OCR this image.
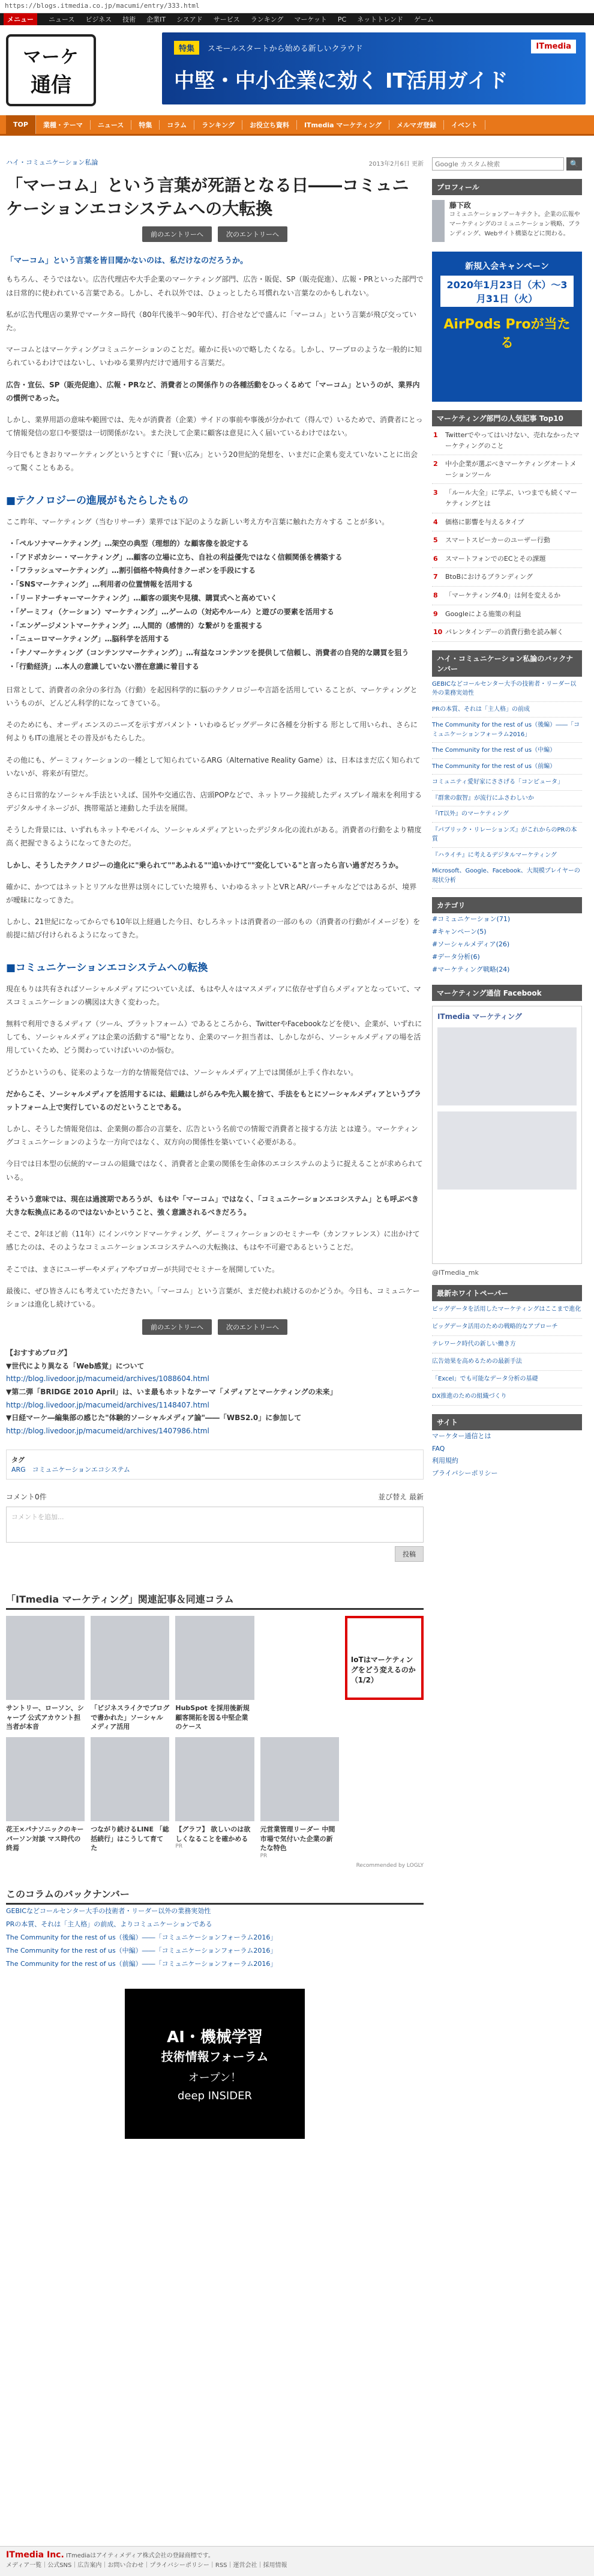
https://blogs.itmedia.co.jp/macumi/entry/333.html
メニュー	ニュース ビジネス 技術 企業IT シスアド サービス ランキング マーケット PC ネットトレンド ゲーム
マーケ
通信
特集 スモールスタートから始める新しいクラウド
中堅・中小企業に効く IT活用ガイド
ITmedia
TOP	業種・テーマ	ニュース	特集	コラム	ランキング	お役立ち資料	ITmedia マーケティング	メルマガ登録	イベント
ハイ・コミュニケーション私論	2013年2月6日 更新
「マーコム」という言葉が死語となる日――コミュニケーションエコシステムへの大転換
前のエントリーへ	次のエントリーへ
「マーコム」という言葉を皆目聞かないのは、私だけなのだろうか。

もちろん、そうではない。広告代理店や大手企業のマーケティング部門、広告・販促、SP（販売促進）、広報・PRといった部門では日常的に使われている言葉である。しかし、それ以外では、ひょっとしたら耳慣れない言葉なのかもしれない。

私が広告代理店の業界でマーケター時代（80年代後半〜90年代）、打合せなどで盛んに「マーコム」という言葉が飛び交っていた。

マーコムとはマーケティングコミュニケーションのことだ。確かに長いので略したくなる。しかし、ワープロのような一般的に知られているわけではないし、いわゆる業界内だけで通用する言葉だ。

広告・宣伝、SP（販売促進）、広報・PRなど、消費者との関係作りの各種活動をひっくるめて「マーコム」というのが、業界内の慣例であった。

しかし、業界用語の意味や範囲では、先々が消費者（企業）サイドの事前や事後が分かれて（得んで）いるためで、消費者にとって情報発信の窓口や要望は一切関係がない。また決して企業に顧客は意見に入く届いているわけではない。

今日でもときおりマーケティングというとすぐに「賢い広み」という20世紀的発想を、いまだに企業も変えていないことに出会って驚くこともある。

■テクノロジーの進展がもたらしたもの

ここ昨年、マーケティング（当むリサーチ）業界では下記のような新しい考え方や言葉に触れた方々する ことが多い。

・「ペルソナマーケティング」…架空の典型（理想的）な顧客像を設定する
・「アドボカシー・マーケティング」…顧客の立場に立ち、自社の利益優先ではなく信頼関係を構築する
・「フラッシュマーケティング」…割引価格や特典付きクーポンを手段にする
・「SNSマーケティング」…利用者の位置情報を活用する
・「リードナーチャーマーケティング」…顧客の頭実や見積、購買式へと高めていく
・「ゲーミフィ（ケーション）マーケティング」…ゲームの（対応やルール）と遊びの要素を活用する
・「エンゲージメントマーケティング」…人間的（感情的）な繋がりを重視する
・「ニューロマーケティング」…脳科学を活用する
・「ナノマーケティング（コンテンツマーケティング）」…有益なコンテンツを提供して信頼し、消費者の自発的な購買を狙う
・「行動経済」…本人の意識していない潜在意識に着目する

日常として、消費者の余分の多行為（行動）を起因科学的に脳のテクノロジーや言語を活用してい ることが、マーケティングというものが、どんどん科学的になってきている。

そのためにも、オーディエンスのニーズを示すガバメント・いわゆるビッグデータに各種を分析する 形として用いられ、さらに何よりもITの進展とその普及がもたらした。

その他にも、ゲーミフィケーションの一種として知られているARG（Alternative Reality Game）は、日本はまだ広く知られていないが、将来が有望だ。

さらに日常的なソーシャル手法といえば、国外や交通広告、店頭POPなどで、ネットワーク接続したディスプレイ端末を利用するデジタルサイネージが、携帯電話と連動した手法を展開。

そうした背景には、いずれもネットやモバイル、ソーシャルメディアといったデジタル化の流れがある。消費者の行動をより精度高く把握できるようになってきたのだ。

しかし、そうしたテクノロジーの進化に"乗られて""あふれる""追いかけて""変化している"と言ったら言い過ぎだろうか。

確かに、かつてはネットとリアルな世界は別々にしていた境界も、いわゆるネットとVRとAR/バーチャルなどではあるが、境界が曖昧になってきた。

しかし、21世紀になってからでも10年以上経過した今日、むしろネットは消費者の一部のもの（消費者の行動がイメージを）を前提に結び付けられるようになってきた。

■コミュニケーションエコシステムへの転換

現在もりは共有さればソーシャルメディアについていえば、もはや人々はマスメディアに依存せず自らメディアとなっていて、マスコミュニケーションの構図は大きく変わった。

無料で利用できるメディア（ツール、プラットフォーム）であるところから、TwitterやFacebookなどを使い、企業が、いずれにしても、ソーシャルメディアは企業の活動する"場"となり、企業のマーケ担当者は、しかしながら、ソーシャルメディアの場を活用していくため、どう関わっていけばいいのか悩む。

どうかというのも、従来のような一方的な情報発信では、ソーシャルメディア上では関係が上手く作れない。

だからこそ、ソーシャルメディアを活用するには、組織はしがらみや先入観を捨て、手法をもとにソーシャルメディアというプラットフォーム上で実行しているのだということである。

しかし、そうした情報発信は、企業側の都合の言葉を、広告という名前での情報で消費者と接する方法 とは違う。マーケティングコミュニケーションのような一方向ではなく、双方向の関係性を築いていく必要がある。

今日では日本型の伝統的マーコムの組織ではなく、消費者と企業の関係を生命体のエコシステムのように捉えることが求められている。

そういう意味では、現在は過渡期であろうが、もはや「マーコム」ではなく、「コミュニケーションエコシステム」とも呼ぶべき大きな転換点にあるのではないかということ、強く意識されるべきだろう。

そこで、2年ほど前（11年）にインバウンドマーケティング、ゲーミフィケーションのセミナーや（カンファレンス）に出かけて感じたのは、そのようなコミュニケーションエコシステムへの大転換は、もはや不可避であるということだ。

そこでは、まさにユーザーやメディアやブロガーが共同でセミナーを展開していた。

最後に、ぜひ皆さんにも考えていただきたい。「マーコム」という言葉が、まだ使われ続けるのかどうか。今日も、コミュニケーションは進化し続けている。

前のエントリーへ	次のエントリーへ
【おすすめブログ】
▼世代により異なる「Web感覚」について
http://blog.livedoor.jp/macumeid/archives/1088604.html
▼第二弾「BRIDGE 2010 April」は、いま最もホットなテーマ「メディアとマーケティングの未来」
http://blog.livedoor.jp/macumeid/archives/1148407.html
▼日経マーケ―編集部の感じた"体験的ソーシャルメディア論"――「WBS2.0」に参加して
http://blog.livedoor.jp/macumeid/archives/1407986.html
タグ
ARG　コミュニケーションエコシステム
コメント0件	並び替え 最新
コメントを追加...
投稿
「ITmedia マーケティング」関連記事＆同連コラム
サントリー、ローソン、シャープ 公式アカウント担当者が本音
「ビジネスライクでブログで書かれた」ソーシャルメディア活用
HubSpot を採用後新規顧客開拓を図る中堅企業のケース
IoTはマーケティングをどう変えるのか（1/2）
花王×パナソニックのキーパーソン対談 マス時代の終焉
つながり続けるLINE 「総括続行」はこうして育てた
【グラフ】 欲しいのは欲しくなることを確かめる
PR
元営業管理リーダー 中間市場で気付いた企業の新たな特色
PR
Recommended by LOGLY
このコラムのバックナンバー
GEBICなどコールセンター大手の技術者・リーダー以外の業務実効性
PRの本質、それは「主人格」の前成、よりコミュニケーションである
The Community for the rest of us（後編）――「コミュニケーションフォーラム2016」
The Community for the rest of us（中編）――「コミュニケーションフォーラム2016」
The Community for the rest of us（前編）――「コミュニケーションフォーラム2016」
AI・機械学習
技術情報フォーラム
オープン！
deep INSIDER
Google カスタム検索
🔍
プロフィール
藤下政
コミュニケーションアーキテクト。企業の広報やマーケティングのコミュニケーション戦略、ブランディング、Webサイト構築などに関わる。
新規入会キャンペーン
2020年1月23日（木）〜3月31日（火）
AirPods Proが当たる
マーケティング部門の人気記事 Top10
1 Twitterでやってはいけない、売れなかったマーケティングのこと
2 中小企業が選ぶべきマーケティングオートメーションツール
3 「ルール大全」に学ぶ、いつまでも続くマーケティングとは
4 価格に影響を与えるタイプ
5 スマートスピーカーのユーザー行動
6 スマートフォンでのECとその課題
7 BtoBにおけるブランディング
8 「マーケティング4.0」は何を変えるか
9 Googleによる施策の利益
10 パレンタインデーの消費行動を読み解く
ハイ・コミュニケーション私論のバックナンバー
GEBICなどコールセンター大手の技術者・リーダー以外の業務実効性
PRの本質、それは「主人格」の前成
The Community for the rest of us（後編）――「コミュニケーションフォーラム2016」
The Community for the rest of us（中編）
The Community for the rest of us（前編）
コミュニティ愛好家にささげる「コンピュータ」
『群衆の叡智』が流行にふさわしいか
『IT以外』のマーケティング
『パブリック・リレーションズ』がこれからのPRの本質
『ハライチ』に考えるデジタルマーケティング
Microsoft、Google、Facebook、大規模プレイヤーの現状分析
カテゴリ
#コミュニケーション(71)
#キャンペーン(5)
#ソーシャルメディア(26)
#データ分析(6)
#マーケティング戦略(24)
マーケティング通信 Facebook
ITmedia マーケティング
@ITmedia_mk
最新ホワイトペーパー
ビッグデータを活用したマーケティングはここまで進化
ビッグデータ活用のための戦略的なアプローチ
テレワーク時代の新しい働き方
広告効果を高めるための最新手法
「Excel」でも可能なデータ分析の基礎
DX推進のための組織づくり
サイト
マーケター通信とは
FAQ
利用規約
プライバシーポリシー
ITmedia Inc. ITmediaはアイティメディア株式会社の登録商標です。
メディア一覧｜公式SNS｜広告案内｜お問い合わせ｜プライバシーポリシー｜RSS｜運営会社｜採用情報
